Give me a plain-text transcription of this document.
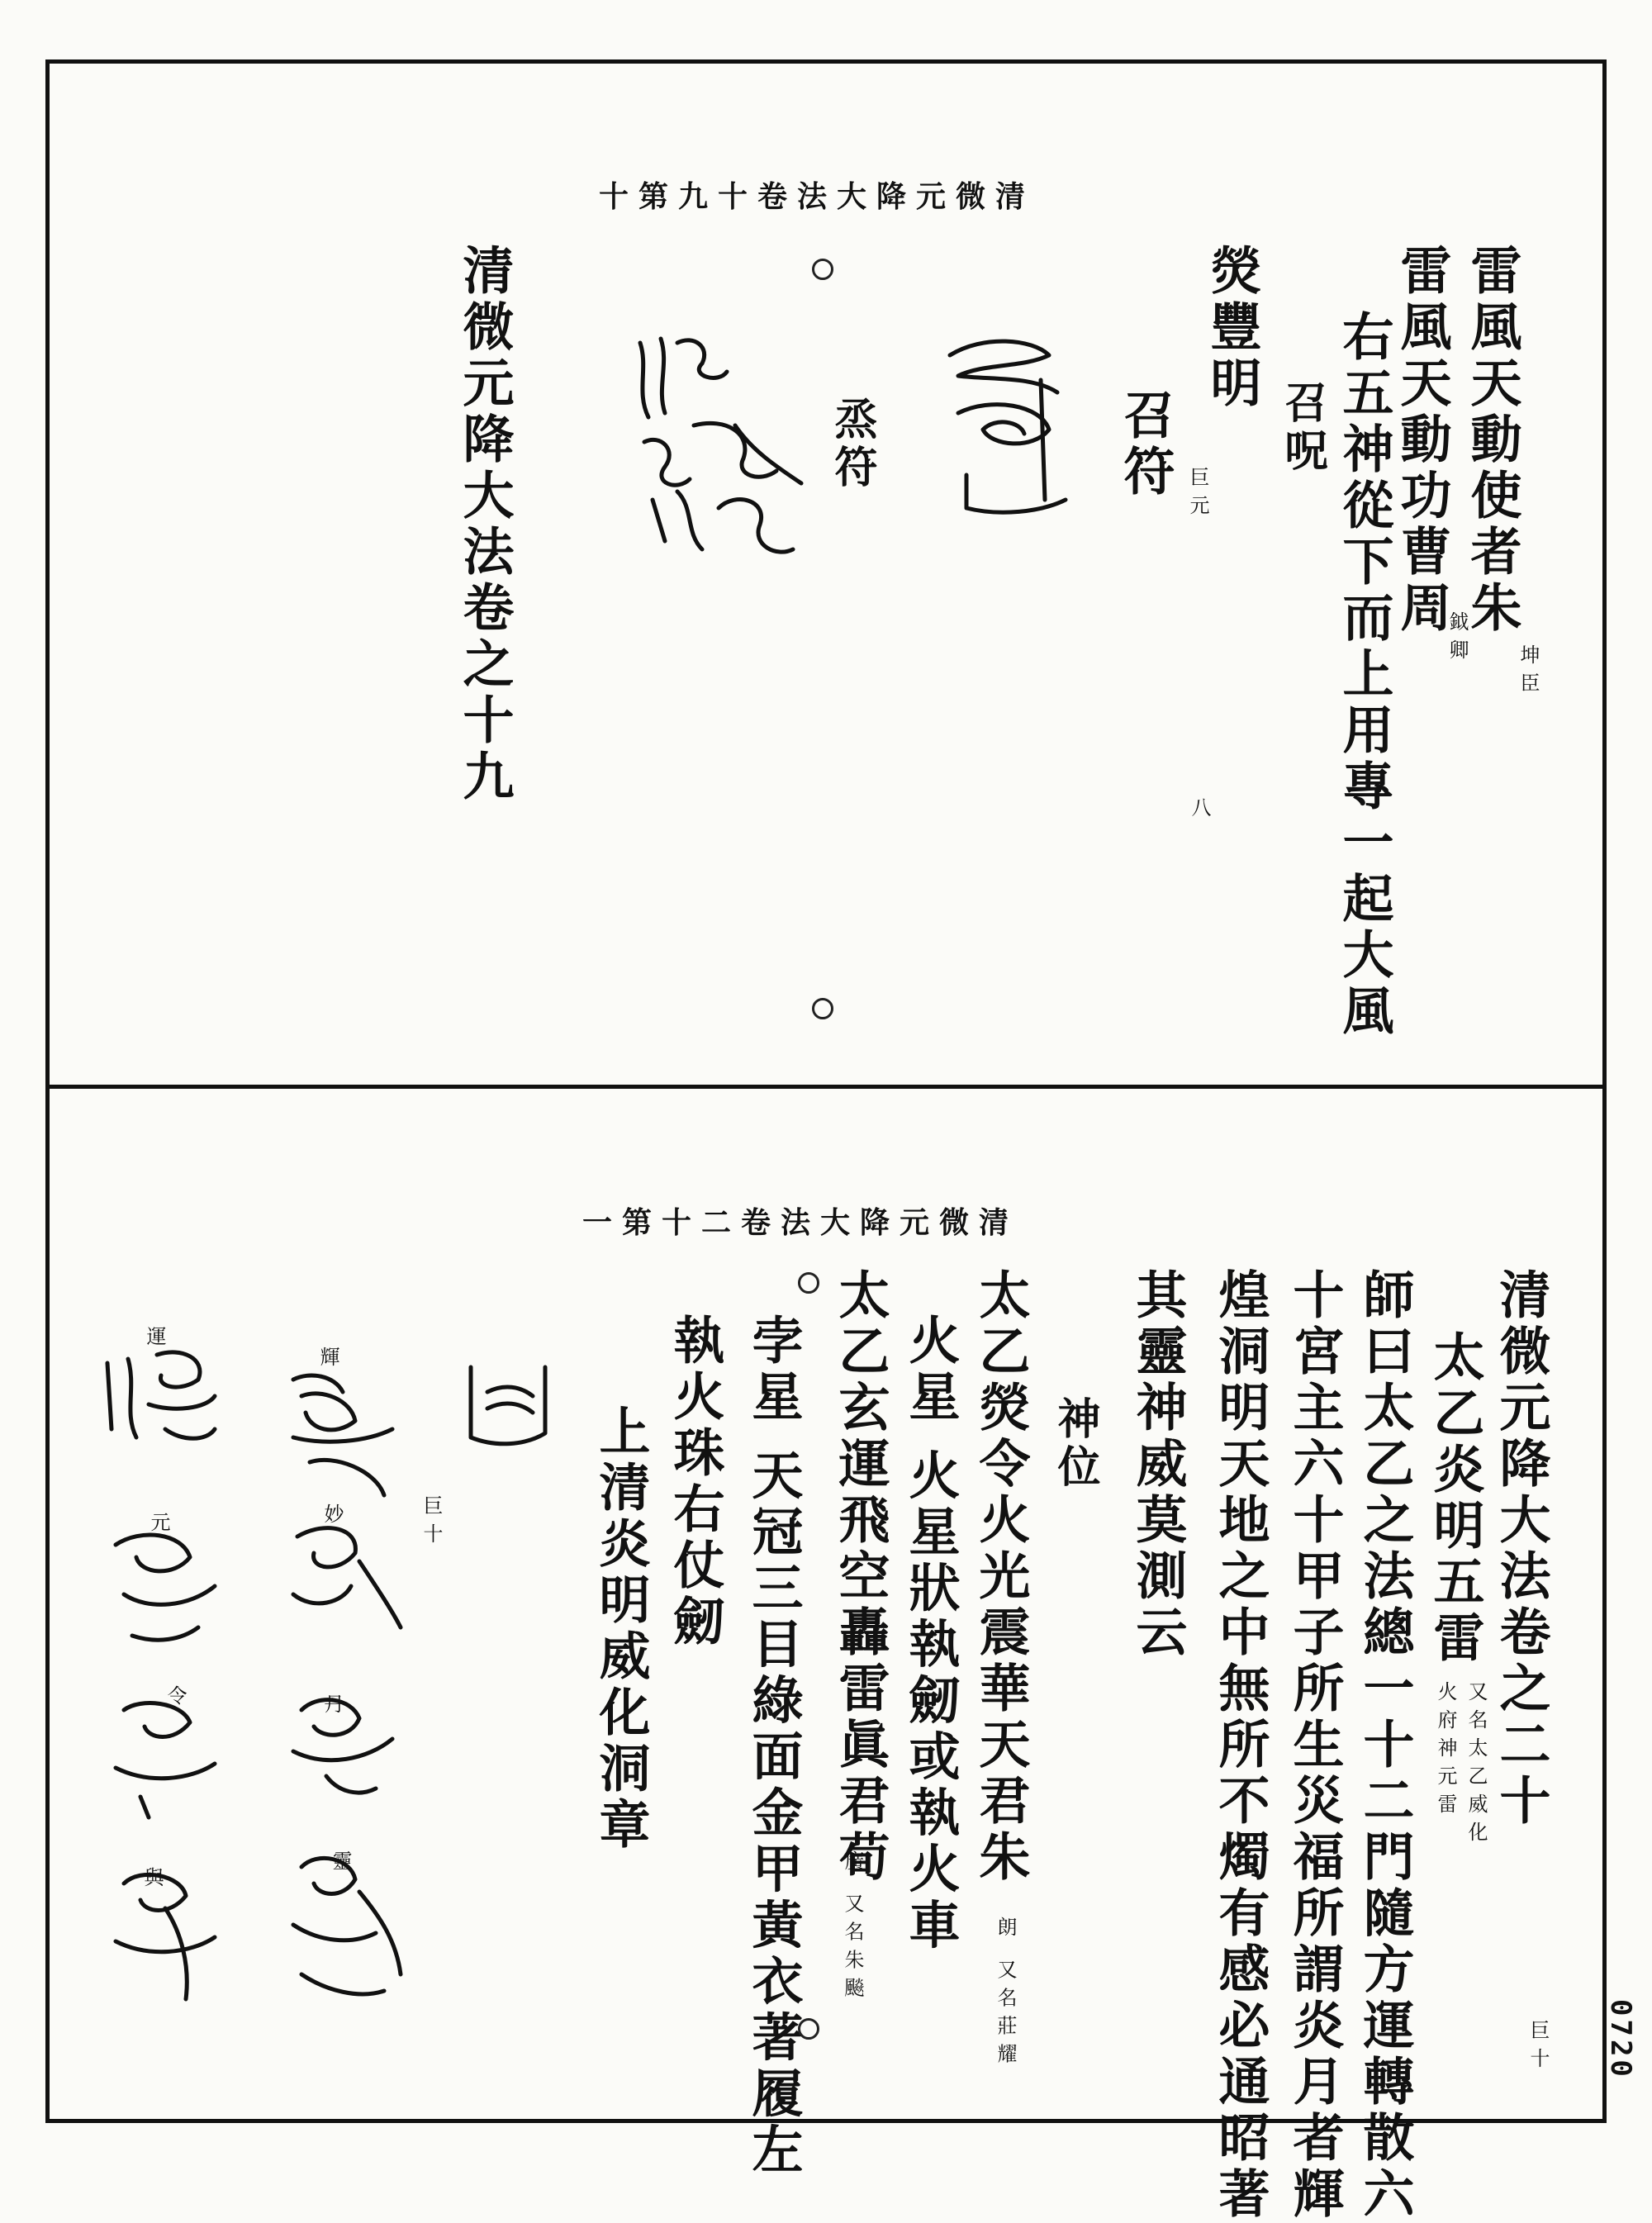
清微元降大法卷十九第十
雷風天動使者朱
坤臣
雷風天動功曹周
鉞卿
右五神從下而上用專一起大風
召呪
熒豐明
召符 巨元
烝符
清微元降大法卷之十九
八
清微元降大法卷二十第一
清微元降大法卷之二十
巨十
太乙炎明五雷
又名太乙威化
火府神元雷
師曰太乙之法總一十二門隨方運轉散六
十宮主六十甲子所生災福所謂炎月者輝
煌洞明天地之中無所不燭有感必通昭著
其靈神威莫測云
神位
太乙熒令火光震華天君朱
朗 又名莊耀
火星 火星狀執劒或執火車
太乙玄運飛空轟雷眞君荀
廣 又名朱飈
孛星 天冠三目綠面金甲黃衣著履左
執火珠右仗劒
上清炎明威化洞章
巨十
輝
妙
丹
靈
運
元
令
與
0720
